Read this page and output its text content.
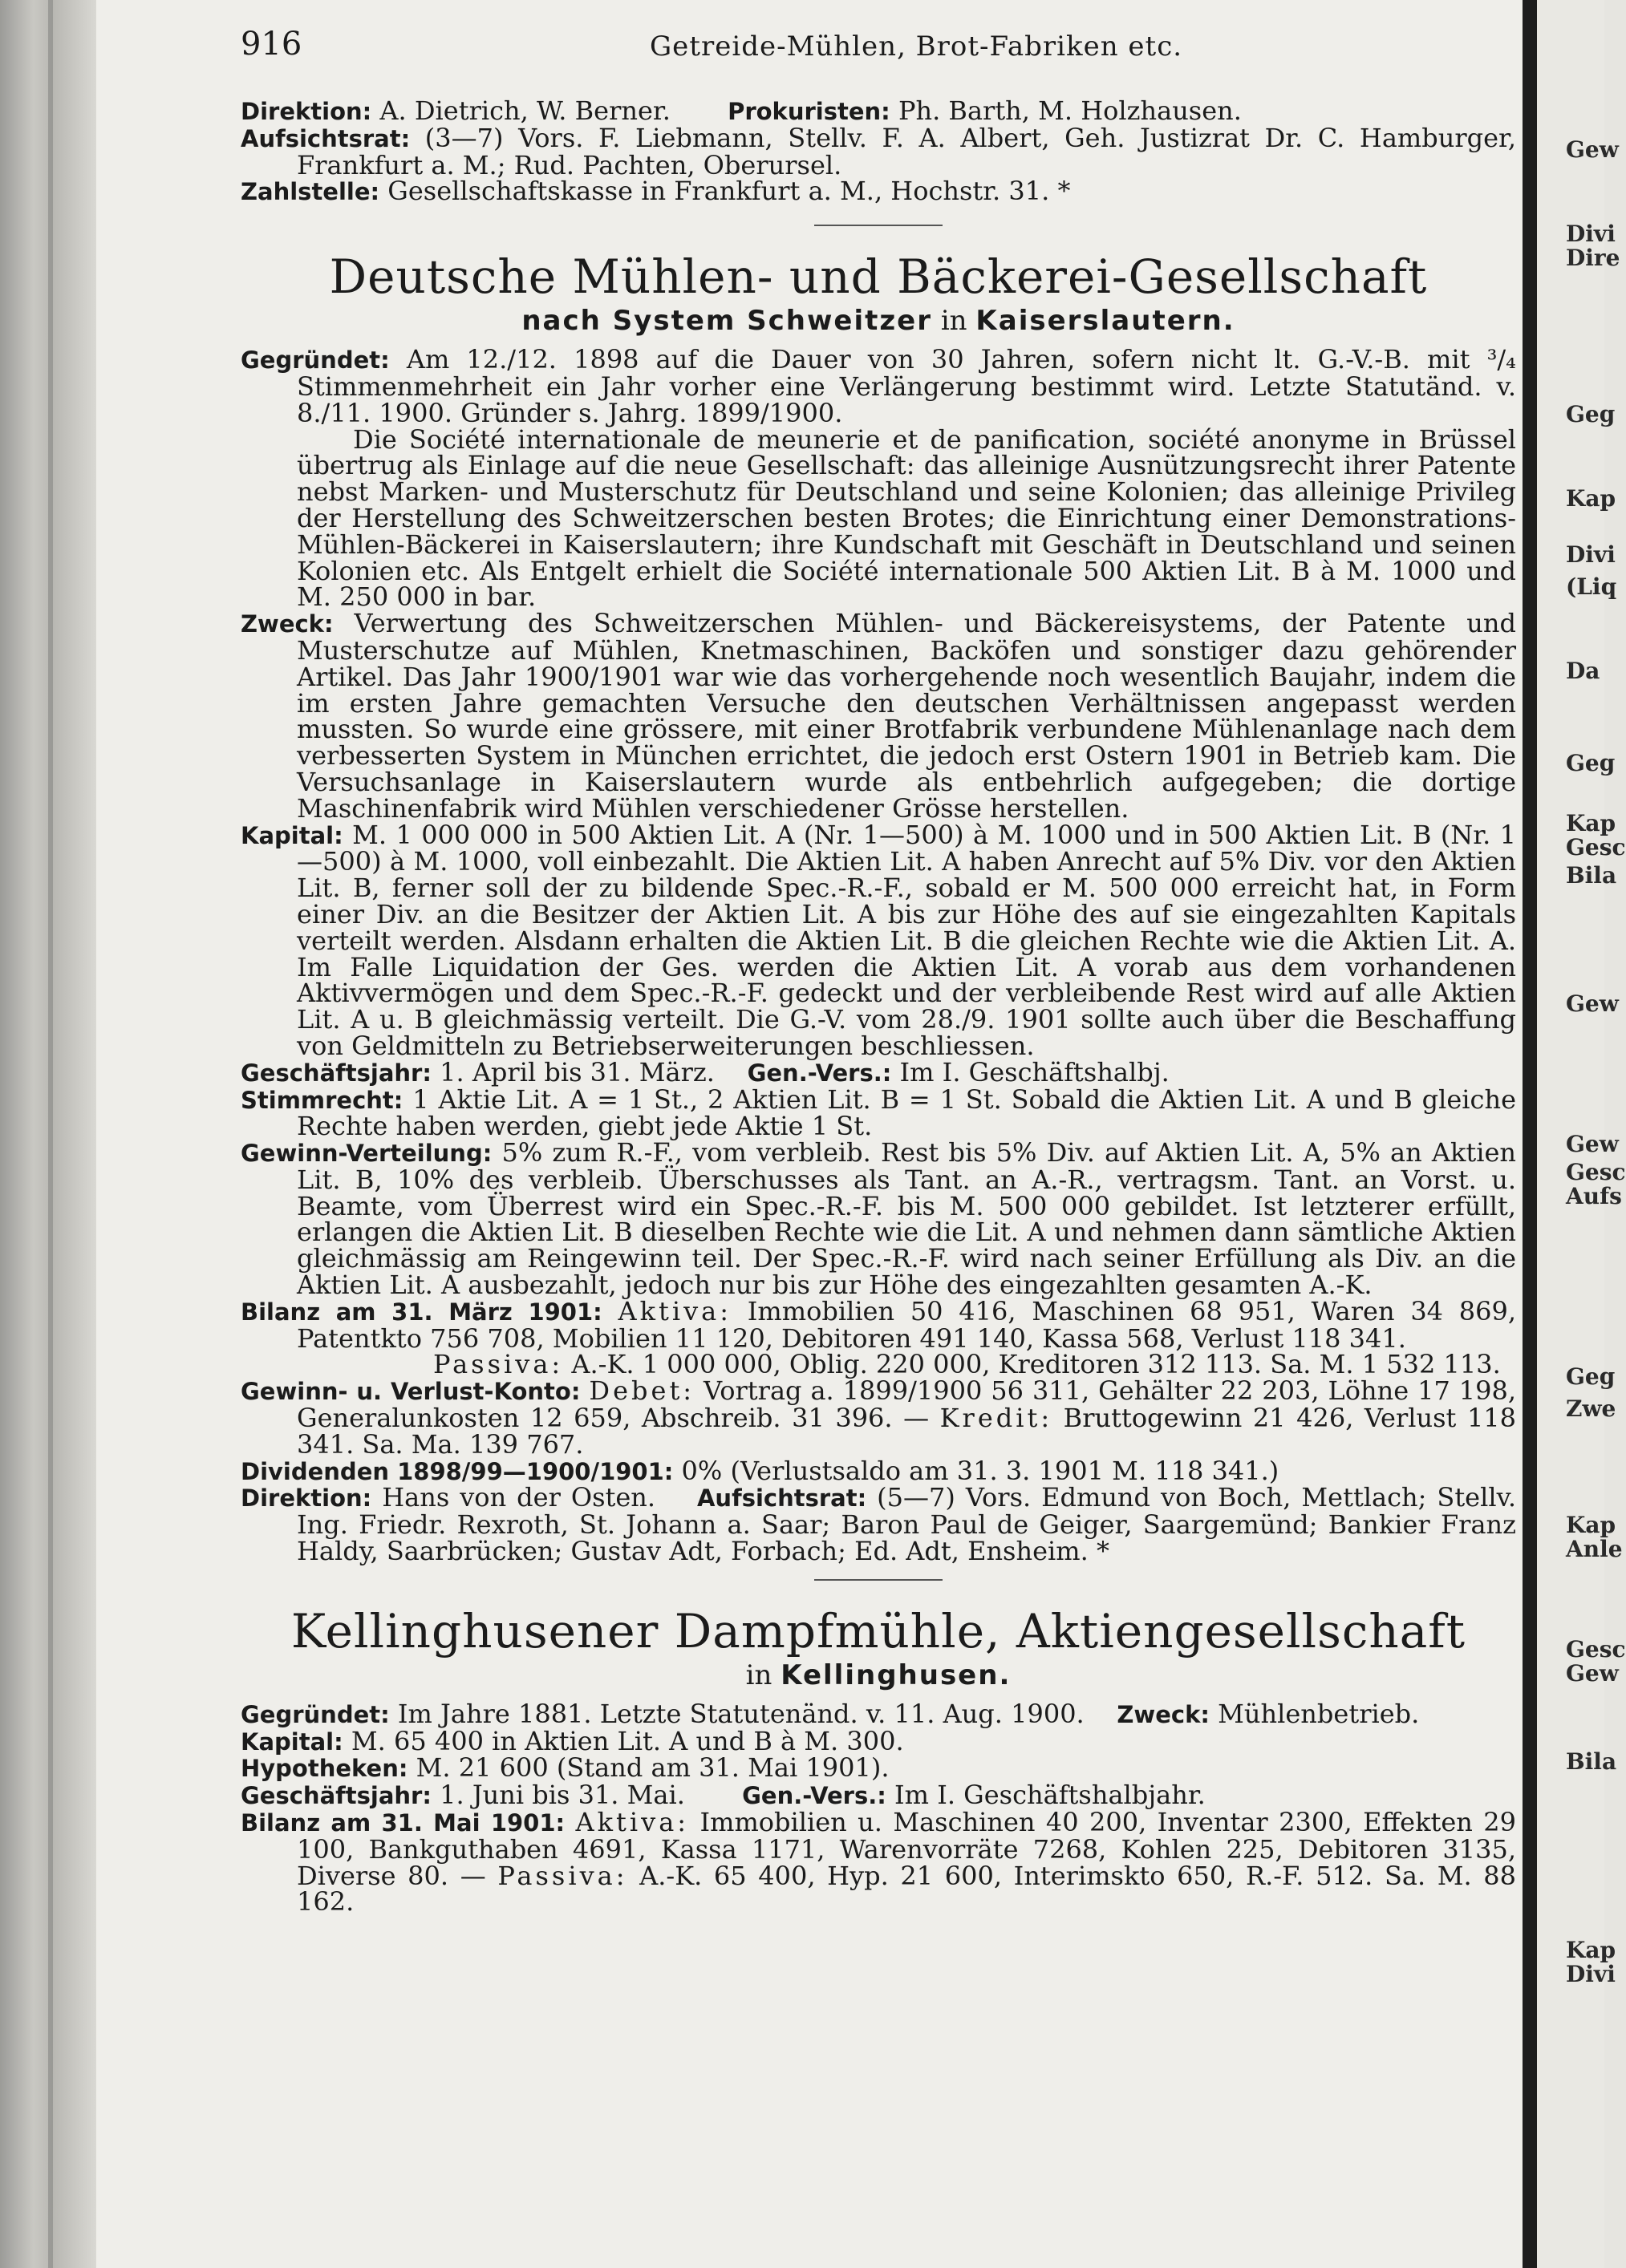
916	Getreide-Mühlen, Brot-Fabriken etc.

Direktion: A. Dietrich, W. Berner. Prokuristen: Ph. Barth, M. Holzhausen.

Aufsichtsrat: (3—7) Vors. F. Liebmann, Stellv. F. A. Albert, Geh. Justizrat Dr. C. Hamburger, Frankfurt a. M.; Rud. Pachten, Oberursel.

Zahlstelle: Gesellschaftskasse in Frankfurt a. M., Hochstr. 31. *

Deutsche Mühlen- und Bäckerei-Gesellschaft
nach System Schweitzer in Kaiserslautern.

Gegründet: Am 12./12. 1898 auf die Dauer von 30 Jahren, sofern nicht lt. G.-V.-B. mit ³/₄ Stimmenmehrheit ein Jahr vorher eine Verlängerung bestimmt wird. Letzte Statutänd. v. 8./11. 1900. Gründer s. Jahrg. 1899/1900.

Die Société internationale de meunerie et de panification, société anonyme in Brüssel übertrug als Einlage auf die neue Gesellschaft: das alleinige Ausnützungsrecht ihrer Patente nebst Marken- und Musterschutz für Deutschland und seine Kolonien; das alleinige Privileg der Herstellung des Schweitzerschen besten Brotes; die Einrichtung einer Demonstrations-Mühlen-Bäckerei in Kaiserslautern; ihre Kundschaft mit Geschäft in Deutschland und seinen Kolonien etc. Als Entgelt erhielt die Société internationale 500 Aktien Lit. B à M. 1000 und M. 250 000 in bar.

Zweck: Verwertung des Schweitzerschen Mühlen- und Bäckereisystems, der Patente und Musterschutze auf Mühlen, Knetmaschinen, Backöfen und sonstiger dazu gehörender Artikel. Das Jahr 1900/1901 war wie das vorhergehende noch wesentlich Baujahr, indem die im ersten Jahre gemachten Versuche den deutschen Verhältnissen angepasst werden mussten. So wurde eine grössere, mit einer Brotfabrik verbundene Mühlenanlage nach dem verbesserten System in München errichtet, die jedoch erst Ostern 1901 in Betrieb kam. Die Versuchsanlage in Kaiserslautern wurde als entbehrlich aufgegeben; die dortige Maschinenfabrik wird Mühlen verschiedener Grösse herstellen.

Kapital: M. 1 000 000 in 500 Aktien Lit. A (Nr. 1—500) à M. 1000 und in 500 Aktien Lit. B (Nr. 1—500) à M. 1000, voll einbezahlt. Die Aktien Lit. A haben Anrecht auf 5% Div. vor den Aktien Lit. B, ferner soll der zu bildende Spec.-R.-F., sobald er M. 500 000 erreicht hat, in Form einer Div. an die Besitzer der Aktien Lit. A bis zur Höhe des auf sie eingezahlten Kapitals verteilt werden. Alsdann erhalten die Aktien Lit. B die gleichen Rechte wie die Aktien Lit. A. Im Falle Liquidation der Ges. werden die Aktien Lit. A vorab aus dem vorhandenen Aktivvermögen und dem Spec.-R.-F. gedeckt und der verbleibende Rest wird auf alle Aktien Lit. A u. B gleichmässig verteilt. Die G.-V. vom 28./9. 1901 sollte auch über die Beschaffung von Geldmitteln zu Betriebserweiterungen beschliessen.

Geschäftsjahr: 1. April bis 31. März. Gen.-Vers.: Im I. Geschäftshalbj.

Stimmrecht: 1 Aktie Lit. A = 1 St., 2 Aktien Lit. B = 1 St. Sobald die Aktien Lit. A und B gleiche Rechte haben werden, giebt jede Aktie 1 St.

Gewinn-Verteilung: 5% zum R.-F., vom verbleib. Rest bis 5% Div. auf Aktien Lit. A, 5% an Aktien Lit. B, 10% des verbleib. Überschusses als Tant. an A.-R., vertragsm. Tant. an Vorst. u. Beamte, vom Überrest wird ein Spec.-R.-F. bis M. 500 000 gebildet. Ist letzterer erfüllt, erlangen die Aktien Lit. B dieselben Rechte wie die Lit. A und nehmen dann sämtliche Aktien gleichmässig am Reingewinn teil. Der Spec.-R.-F. wird nach seiner Erfüllung als Div. an die Aktien Lit. A ausbezahlt, jedoch nur bis zur Höhe des eingezahlten gesamten A.-K.

Bilanz am 31. März 1901: Aktiva: Immobilien 50 416, Maschinen 68 951, Waren 34 869, Patentkto 756 708, Mobilien 11 120, Debitoren 491 140, Kassa 568, Verlust 118 341.

Passiva: A.-K. 1 000 000, Oblig. 220 000, Kreditoren 312 113. Sa. M. 1 532 113.

Gewinn- u. Verlust-Konto: Debet: Vortrag a. 1899/1900 56 311, Gehälter 22 203, Löhne 17 198, Generalunkosten 12 659, Abschreib. 31 396. — Kredit: Bruttogewinn 21 426, Verlust 118 341. Sa. Ma. 139 767.

Dividenden 1898/99—1900/1901: 0% (Verlustsaldo am 31. 3. 1901 M. 118 341.)

Direktion: Hans von der Osten. Aufsichtsrat: (5—7) Vors. Edmund von Boch, Mettlach; Stellv. Ing. Friedr. Rexroth, St. Johann a. Saar; Baron Paul de Geiger, Saargemünd; Bankier Franz Haldy, Saarbrücken; Gustav Adt, Forbach; Ed. Adt, Ensheim. *

Kellinghusener Dampfmühle, Aktiengesellschaft
in Kellinghusen.

Gegründet: Im Jahre 1881. Letzte Statutenänd. v. 11. Aug. 1900. Zweck: Mühlenbetrieb.

Kapital: M. 65 400 in Aktien Lit. A und B à M. 300.

Hypotheken: M. 21 600 (Stand am 31. Mai 1901).

Geschäftsjahr: 1. Juni bis 31. Mai. Gen.-Vers.: Im I. Geschäftshalbjahr.

Bilanz am 31. Mai 1901: Aktiva: Immobilien u. Maschinen 40 200, Inventar 2300, Effekten 29 100, Bankguthaben 4691, Kassa 1171, Warenvorräte 7268, Kohlen 225, Debitoren 3135, Diverse 80. — Passiva: A.-K. 65 400, Hyp. 21 600, Interimskto 650, R.-F. 512. Sa. M. 88 162.

Gew
Divi
Dire
Geg
Kap
Divi
(Liq
Da
Geg
Kap
Gesc
Bila
Gew
Gew
Gesc
Aufs
Geg
Zwe
Kap
Anle
Gesc
Gew
Bila
Kap
Divi
